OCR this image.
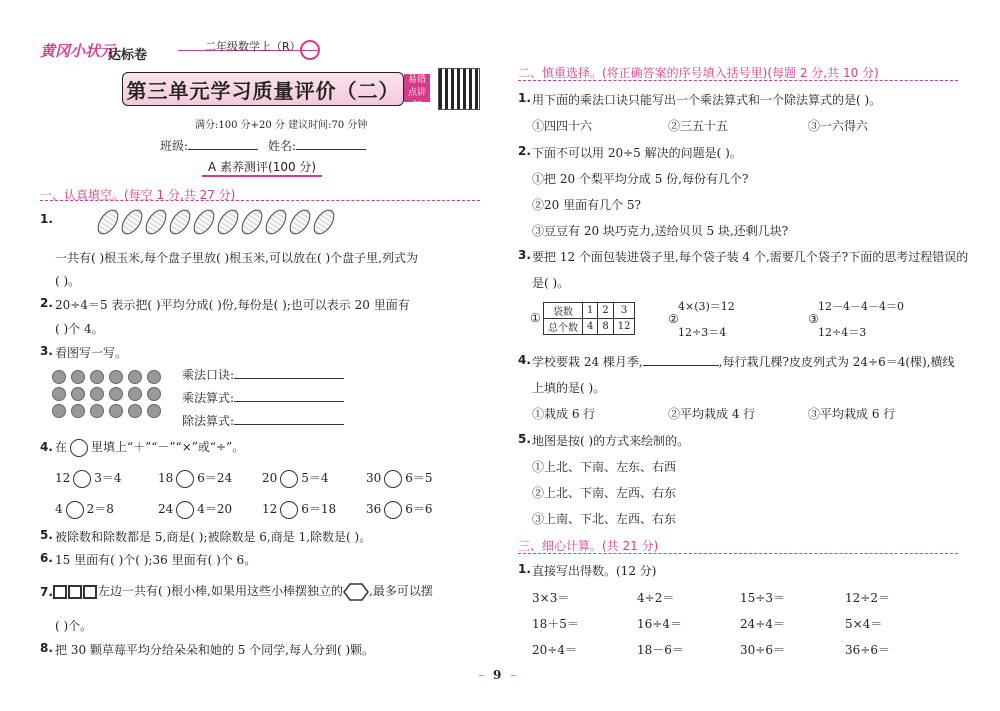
黄冈小状元
达标卷
二年级数学上（R）
第三单元学习质量评价（二） 易错点讲解
满分:100 分+20 分 建议时间:70 分钟
班级:	姓名:
A 素养测评(100 分)
一、认真填空。(每空 1 分,共 27 分)
1.
一共有( )根玉米,每个盘子里放( )根玉米,可以放在( )个盘子里,列式为
( )。
2. 20÷4＝5 表示把( )平均分成( )份,每份是( );也可以表示 20 里面有
( )个 4。
3. 看图写一写。
乘法口诀:
乘法算式:
除法算式:
4. 在 里填上“＋”“－”“×”或“÷”。
12 3＝4	18 6＝24 20 5＝4	30 6＝5
4 2＝8	24 4＝20 12 6＝18 36 6＝6
5. 被除数和除数都是 5,商是( );被除数是 6,商是 1,除数是( )。
6. 15 里面有( )个( );36 里面有( )个 6。
7.	左边一共有( )根小棒,如果用这些小棒摆独立的 ,最多可以摆
( )个。
8. 把 30 颗草莓平均分给朵朵和她的 5 个同学,每人分到( )颗。
二、慎重选择。(将正确答案的序号填入括号里)(每题 2 分,共 10 分)
1. 用下面的乘法口诀只能写出一个乘法算式和一个除法算式的是( )。
①四四十六	②三五十五	③一六得六
2. 下面不可以用 20÷5 解决的问题是( )。
①把 20 个梨平均分成 5 份,每份有几个?
②20 里面有几个 5?
③豆豆有 20 块巧克力,送给贝贝 5 块,还剩几块?
3. 要把 12 个面包装进袋子里,每个袋子装 4 个,需要几个袋子?下面的思考过程错误的
是( )。
① 袋数	1	2	3
总个数	4	8	12
②
4×(3)＝12
12÷3＝4
③
12－4－4－4＝0
12÷4＝3
4. 学校要栽 24 棵月季,	,每行栽几棵?皮皮列式为 24÷6＝4(棵),横线
上填的是( )。
①栽成 6 行	②平均栽成 4 行	③平均栽成 6 行
5. 地图是按( )的方式来绘制的。
①上北、下南、左东、右西
②上北、下南、左西、右东
③上南、下北、左西、右东
三、细心计算。(共 21 分)
1. 直接写出得数。(12 分)
3×3＝	4÷2＝	15÷3＝	12÷2＝
18＋5＝	16÷4＝	24÷4＝	5×4＝
20÷4＝	18－6＝	30÷6＝	36÷6＝
~ 9 ~
